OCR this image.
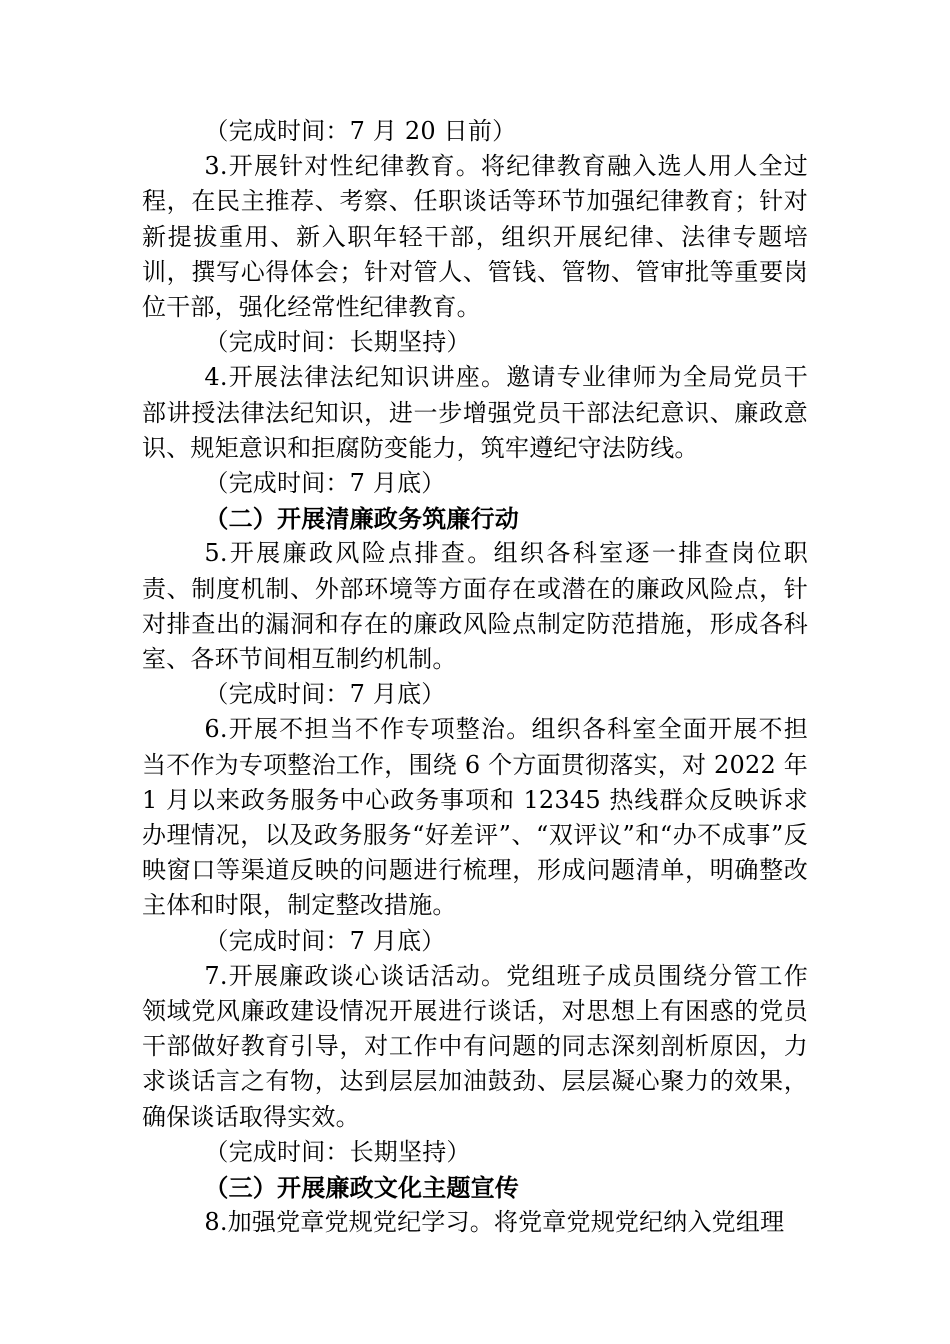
（完成时间：7 月 20 日前）

3.开展针对性纪律教育。将纪律教育融入选人用人全过程，在民主推荐、考察、任职谈话等环节加强纪律教育；针对新提拔重用、新入职年轻干部，组织开展纪律、法律专题培训，撰写心得体会；针对管人、管钱、管物、管审批等重要岗位干部，强化经常性纪律教育。

（完成时间：长期坚持）

4.开展法律法纪知识讲座。邀请专业律师为全局党员干部讲授法律法纪知识，进一步增强党员干部法纪意识、廉政意识、规矩意识和拒腐防变能力，筑牢遵纪守法防线。

（完成时间：7 月底）

（二）开展清廉政务筑廉行动

5.开展廉政风险点排查。组织各科室逐一排查岗位职责、制度机制、外部环境等方面存在或潜在的廉政风险点，针对排查出的漏洞和存在的廉政风险点制定防范措施，形成各科室、各环节间相互制约机制。

（完成时间：7 月底）

6.开展不担当不作专项整治。组织各科室全面开展不担当不作为专项整治工作，围绕 6 个方面贯彻落实，对 2022 年 1 月以来政务服务中心政务事项和 12345 热线群众反映诉求办理情况，以及政务服务“好差评”、“双评议”和“办不成事”反映窗口等渠道反映的问题进行梳理，形成问题清单，明确整改主体和时限，制定整改措施。

（完成时间：7 月底）

7.开展廉政谈心谈话活动。党组班子成员围绕分管工作领域党风廉政建设情况开展进行谈话，对思想上有困惑的党员干部做好教育引导，对工作中有问题的同志深刻剖析原因，力求谈话言之有物，达到层层加油鼓劲、层层凝心聚力的效果，确保谈话取得实效。

（完成时间：长期坚持）

（三）开展廉政文化主题宣传

8.加强党章党规党纪学习。将党章党规党纪纳入党组理
